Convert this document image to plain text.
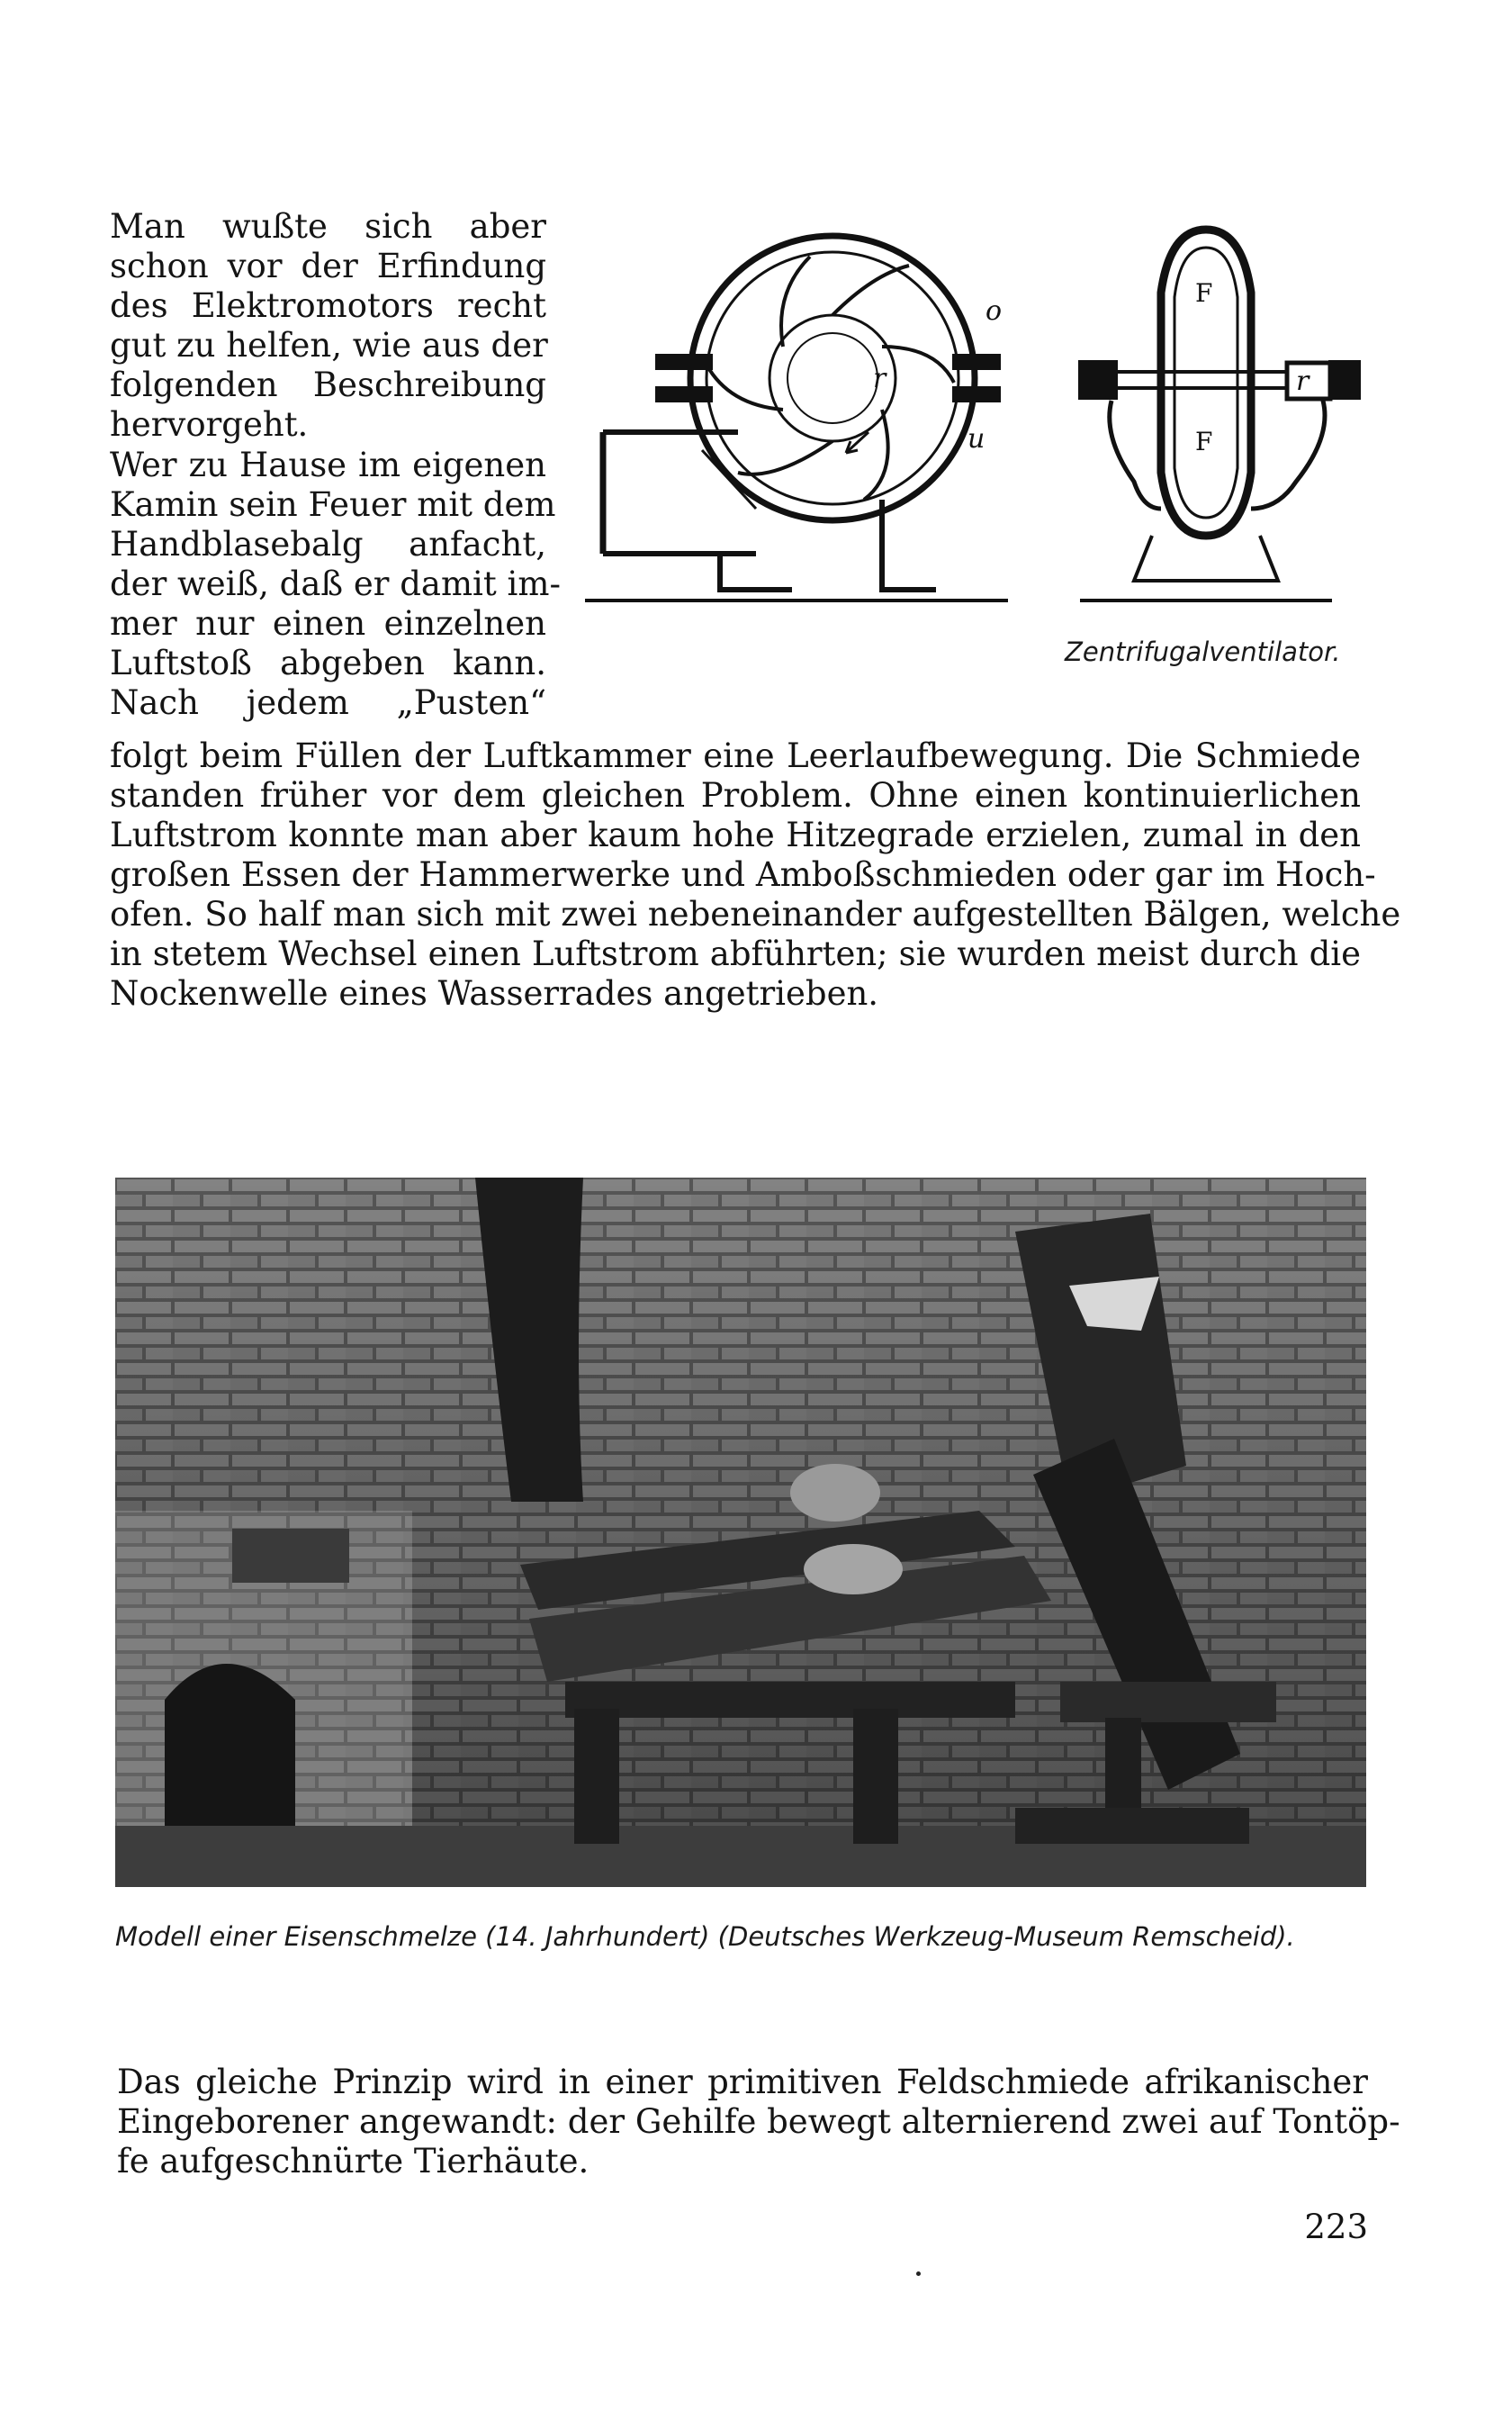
Man wußte sich aber

schon vor der Erfindung

des Elektromotors recht

gut zu helfen, wie aus der

folgenden Beschreibung

hervorgeht.

Wer zu Hause im eigenen

Kamin sein Feuer mit dem

Handblasebalg anfacht,

der weiß, daß er damit im-

mer nur einen einzelnen

Luftstoß abgeben kann.

Nach jedem „Pusten“

folgt beim Füllen der Luftkammer eine Leerlaufbewegung. Die Schmiede

standen früher vor dem gleichen Problem. Ohne einen kontinuierlichen

Luftstrom konnte man aber kaum hohe Hitzegrade erzielen, zumal in den

großen Essen der Hammerwerke und Amboßschmieden oder gar im Hoch-

ofen. So half man sich mit zwei nebeneinander aufgestellten Bälgen, welche

in stetem Wechsel einen Luftstrom abführten; sie wurden meist durch die

Nockenwelle eines Wasserrades angetrieben.

o
r
u
r
F
F

Zentrifugalventilator.

Modell einer Eisenschmelze (14. Jahrhundert) (Deutsches Werkzeug-Museum Remscheid).

Das gleiche Prinzip wird in einer primitiven Feldschmiede afrikanischer

Eingeborener angewandt: der Gehilfe bewegt alternierend zwei auf Tontöp-

fe aufgeschnürte Tierhäute.

223
